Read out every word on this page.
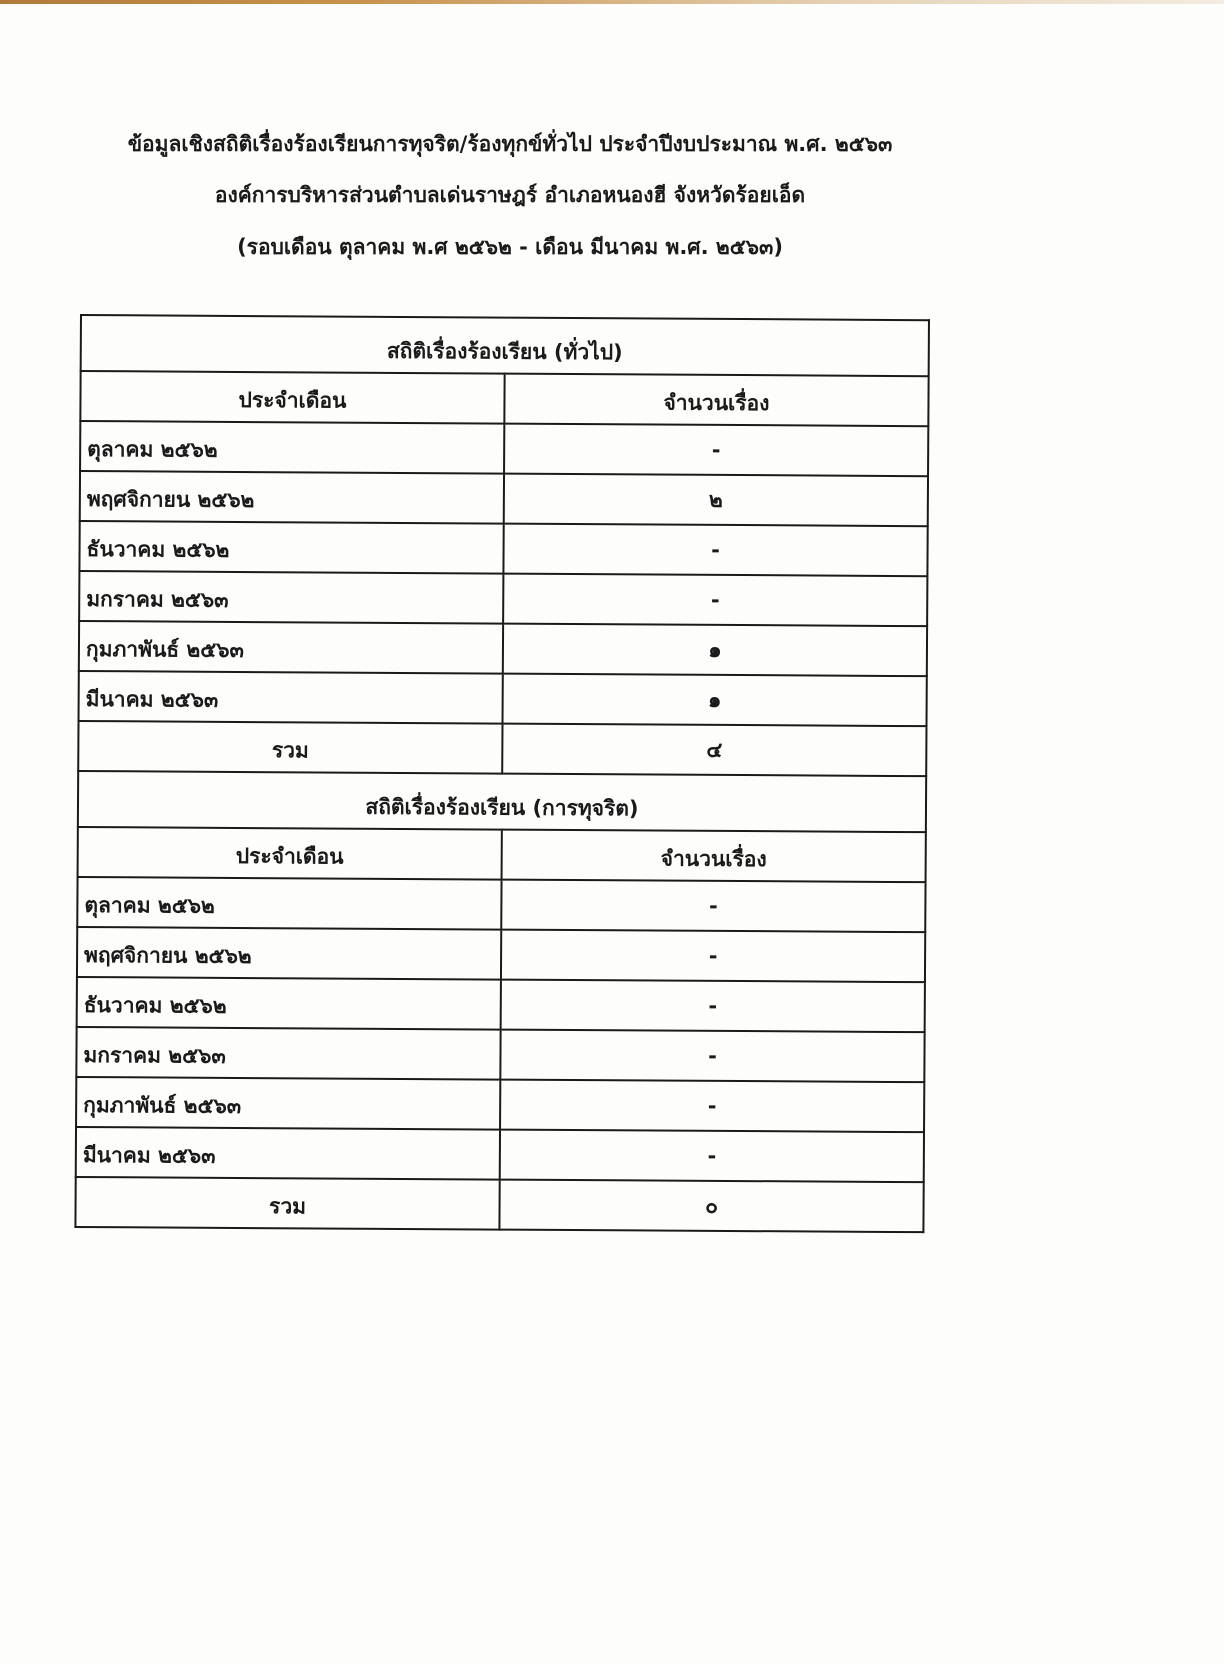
ข้อมูลเชิงสถิติเรื่องร้องเรียนการทุจริต/ร้องทุกข์ทั่วไป ประจำปีงบประมาณ พ.ศ. ๒๕๖๓
องค์การบริหารส่วนตำบลเด่นราษฎร์ อำเภอหนองฮี จังหวัดร้อยเอ็ด
(รอบเดือน ตุลาคม พ.ศ ๒๕๖๒ - เดือน มีนาคม พ.ศ. ๒๕๖๓)
สถิติเรื่องร้องเรียน (ทั่วไป)	
ประจำเดือน	จำนวนเรื่อง
ตุลาคม ๒๕๖๒	-
พฤศจิกายน ๒๕๖๒	๒
ธันวาคม ๒๕๖๒	-
มกราคม ๒๕๖๓	-
กุมภาพันธ์ ๒๕๖๓	๑
มีนาคม ๒๕๖๓	๑
รวม	๔
สถิติเรื่องร้องเรียน (การทุจริต)	
ประจำเดือน	จำนวนเรื่อง
ตุลาคม ๒๕๖๒	-
พฤศจิกายน ๒๕๖๒	-
ธันวาคม ๒๕๖๒	-
มกราคม ๒๕๖๓	-
กุมภาพันธ์ ๒๕๖๓	-
มีนาคม ๒๕๖๓	-
รวม	๐
